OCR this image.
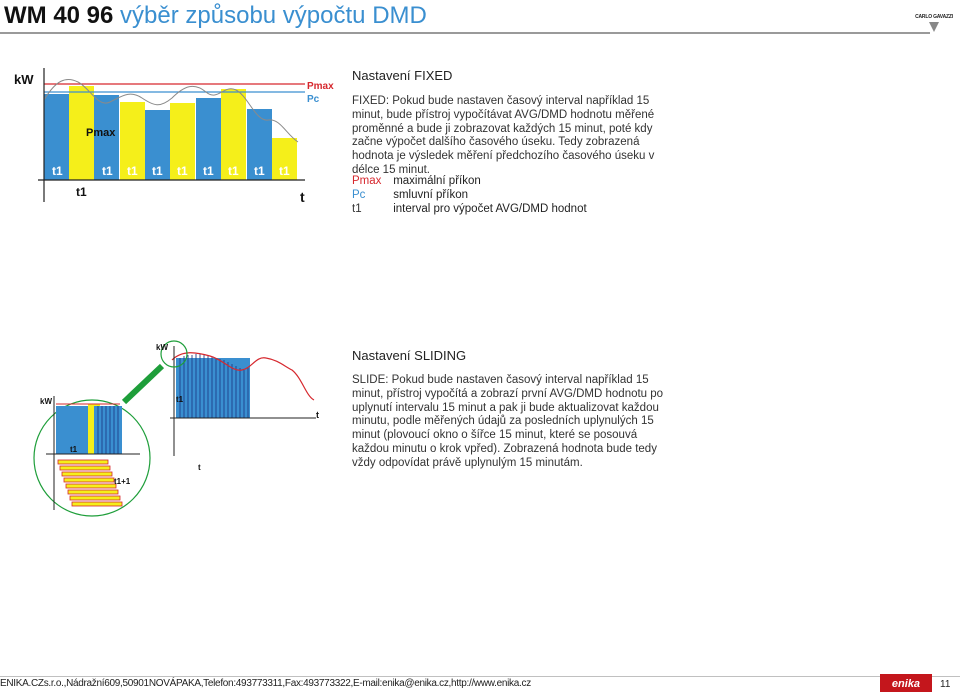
WM 40 96 výběr způsobu výpočtu DMD	CARLO GAVAZZI
kW
t
Pmax
Pmax
Pc
t1	t1 t1 t1 t1 t1 t1 t1 t1
t1
Nastavení FIXED
FIXED: Pokud bude nastaven časový interval například 15 minut, bude přístroj vypočítávat AVG/DMD hodnotu měřené proměnné a bude ji zobrazovat každých 15 minut, poté kdy začne výpočet dalšího časového úseku. Tedy zobrazená hodnota je výsledek měření předchozího časového úseku v délce 15 minut.
Pmax maximální příkon
Pc smluvní příkon
t1	interval pro výpočet AVG/DMD hodnot
kW
t1
t
t
kW
t1
t1+1
Nastavení SLIDING
SLIDE: Pokud bude nastaven časový interval například 15 minut, přístroj vypočítá a zobrazí první AVG/DMD hodnotu po uplynutí intervalu 15 minut a pak ji bude aktualizovat každou minutu, podle měřených údajů za posledních uplynulých 15 minut (plovoucí okno o šířce 15 minut, které se posouvá každou minutu o krok vpřed). Zobrazená hodnota bude tedy vždy odpovídat právě uplynulým 15 minutám.
ENIKA.CZs.r.o.,Nádražní609,50901NOVÁPAKA,Telefon:493773311,Fax:493773322,E-mail:enika@enika.cz,http://www.enika.cz	enika 11
